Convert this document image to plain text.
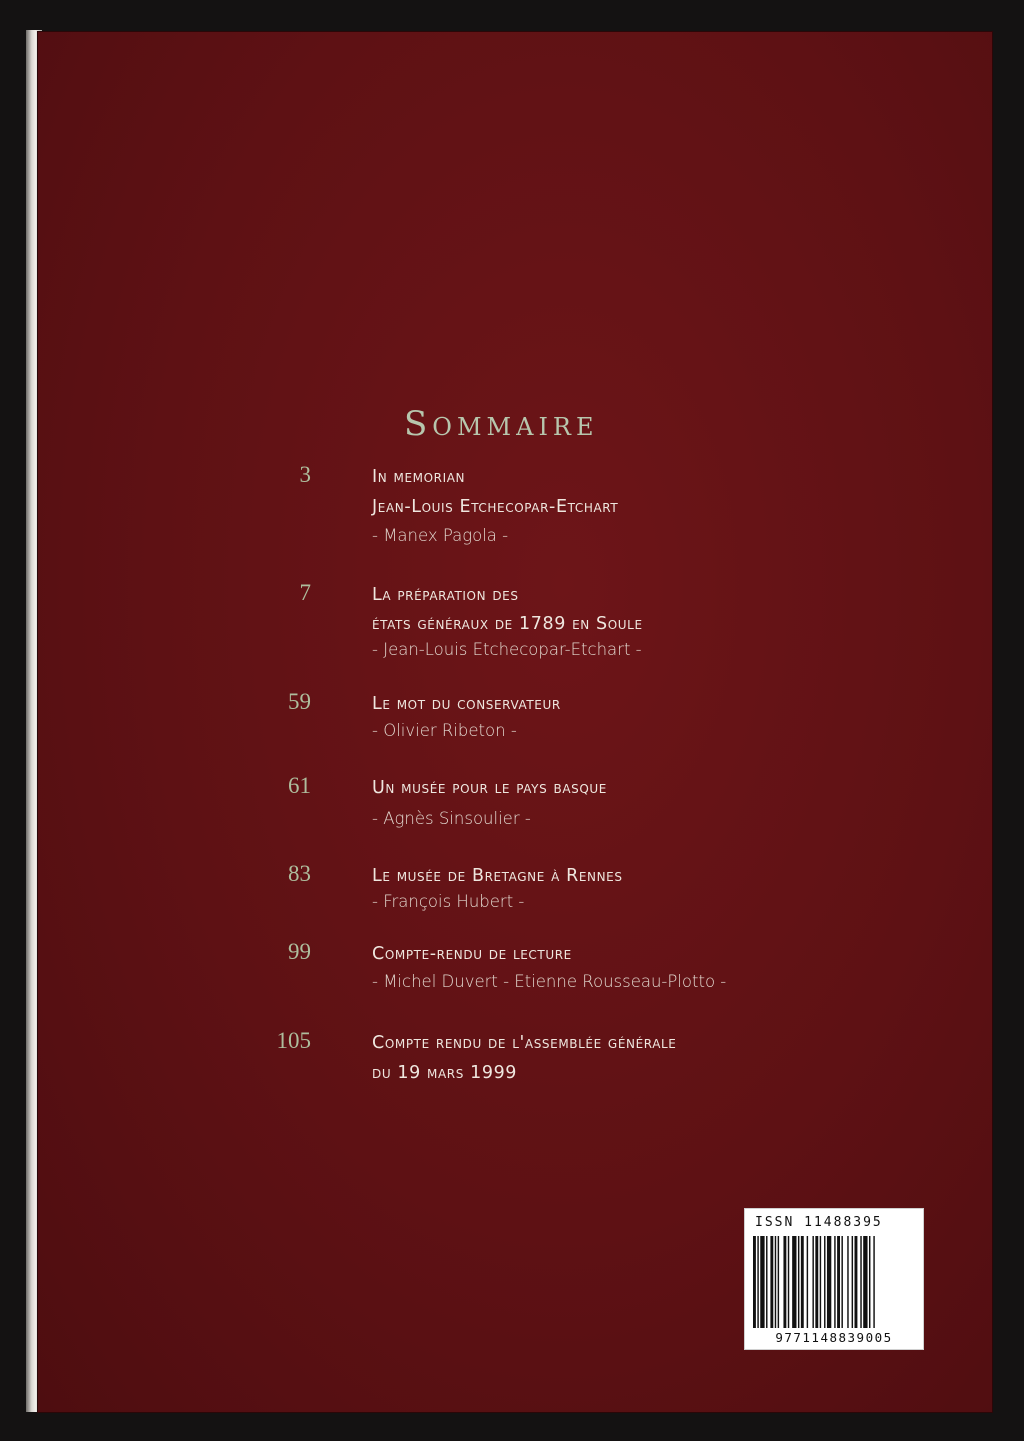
Sommaire
3	In memorian

Jean-Louis Etchecopar-Etchart

- Manex Pagola -

7	La préparation des

états généraux de 1789 en Soule

- Jean-Louis Etchecopar-Etchart -

59	Le mot du conservateur

- Olivier Ribeton -

61	Un musée pour le pays basque

- Agnès Sinsoulier -

83	Le musée de Bretagne à Rennes

- François Hubert -

99	Compte-rendu de lecture

- Michel Duvert - Etienne Rousseau-Plotto -

105	Compte rendu de l'assemblée générale

du 19 mars 1999

ISSN 11488395
9771148839005
